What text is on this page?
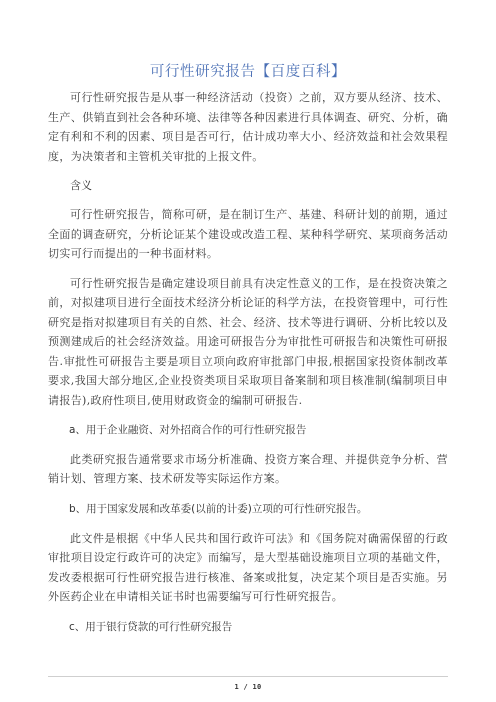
可行性研究报告【百度百科】

可行性研究报告是从事一种经济活动（投资）之前，双方要从经济、技术、生产、供销直到社会各种环境、法律等各种因素进行具体调查、研究、分析，确定有利和不利的因素、项目是否可行，估计成功率大小、经济效益和社会效果程度，为决策者和主管机关审批的上报文件。

含义

可行性研究报告，简称可研，是在制订生产、基建、科研计划的前期，通过全面的调查研究，分析论证某个建设或改造工程、某种科学研究、某项商务活动切实可行而提出的一种书面材料。

可行性研究报告是确定建设项目前具有决定性意义的工作，是在投资决策之前，对拟建项目进行全面技术经济分析论证的科学方法，在投资管理中，可行性研究是指对拟建项目有关的自然、社会、经济、技术等进行调研、分析比较以及预测建成后的社会经济效益。用途可研报告分为审批性可研报告和决策性可研报告.审批性可研报告主要是项目立项向政府审批部门申报,根据国家投资体制改革要求,我国大部分地区,企业投资类项目采取项目备案制和项目核准制(编制项目申请报告),政府性项目,使用财政资金的编制可研报告.

a、用于企业融资、对外招商合作的可行性研究报告

此类研究报告通常要求市场分析准确、投资方案合理、并提供竞争分析、营销计划、管理方案、技术研发等实际运作方案。

b、用于国家发展和改革委(以前的计委)立项的可行性研究报告。

此文件是根据《中华人民共和国行政许可法》和《国务院对确需保留的行政审批项目设定行政许可的决定》而编写，是大型基础设施项目立项的基础文件，发改委根据可行性研究报告进行核准、备案或批复，决定某个项目是否实施。另外医药企业在申请相关证书时也需要编写可行性研究报告。

c、用于银行贷款的可行性研究报告

1 / 10
